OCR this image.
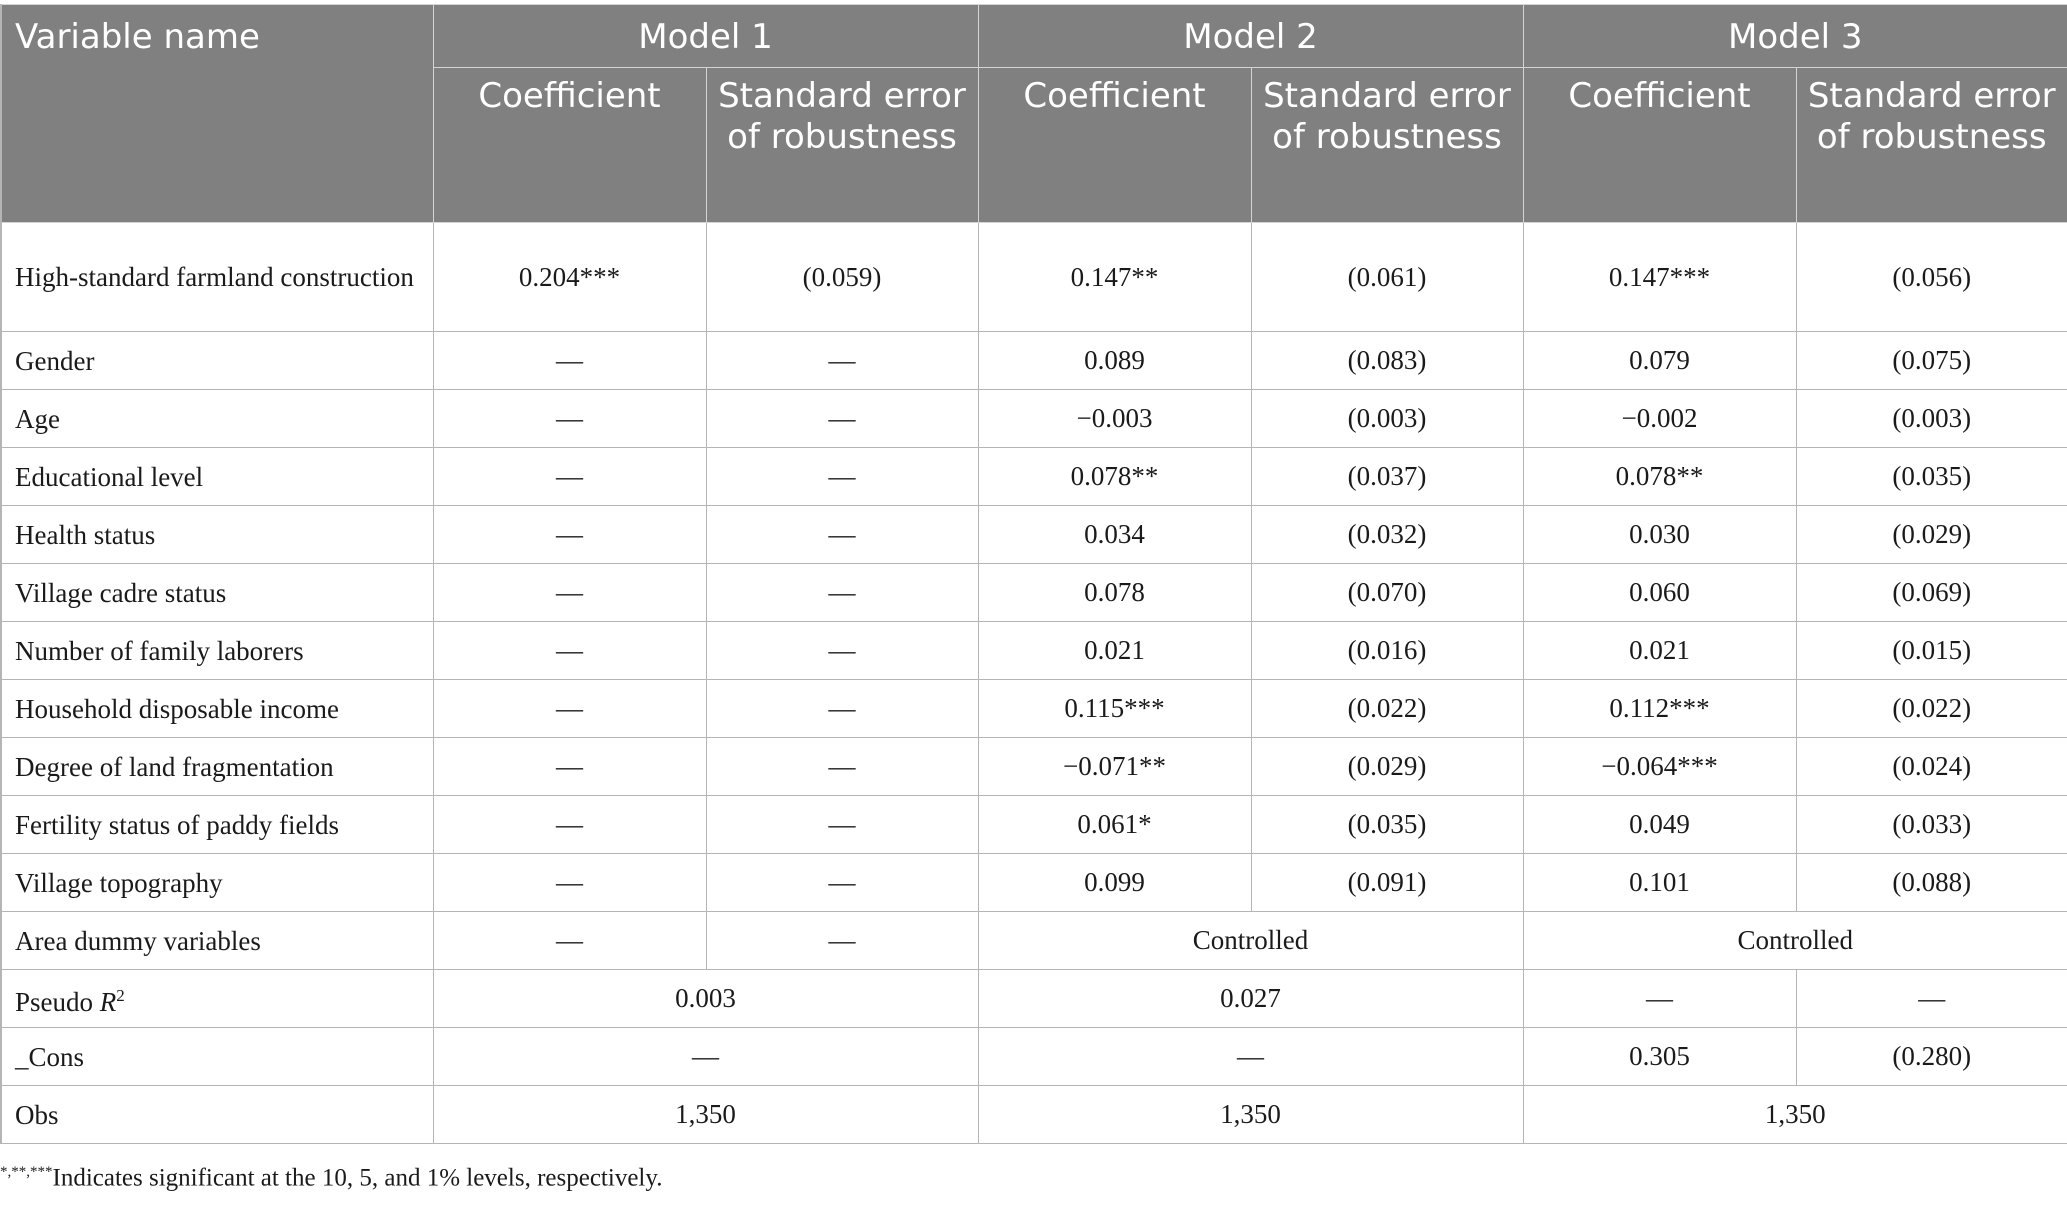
Variable name	Model 1		Model 2		Model 3	
	Coefficient	Standard error of robustness	Coefficient	Standard error of robustness	Coefficient	Standard error of robustness
High-standard farmland construction	0.204***	(0.059)	0.147**	(0.061)	0.147***	(0.056)
Gender	—	—	0.089	(0.083)	0.079	(0.075)
Age	—	—	−0.003	(0.003)	−0.002	(0.003)
Educational level	—	—	0.078**	(0.037)	0.078**	(0.035)
Health status	—	—	0.034	(0.032)	0.030	(0.029)
Village cadre status	—	—	0.078	(0.070)	0.060	(0.069)
Number of family laborers	—	—	0.021	(0.016)	0.021	(0.015)
Household disposable income	—	—	0.115***	(0.022)	0.112***	(0.022)
Degree of land fragmentation	—	—	−0.071**	(0.029)	−0.064***	(0.024)
Fertility status of paddy fields	—	—	0.061*	(0.035)	0.049	(0.033)
Village topography	—	—	0.099	(0.091)	0.101	(0.088)
Area dummy variables	—	—	Controlled		Controlled	
Pseudo $R^2$	0.003		0.027		—	—
_Cons	—		—		0.305	(0.280)
Obs	1,350		1,350		1,350	
*,**,***Indicates significant at the 10, 5, and 1% levels, respectively.
